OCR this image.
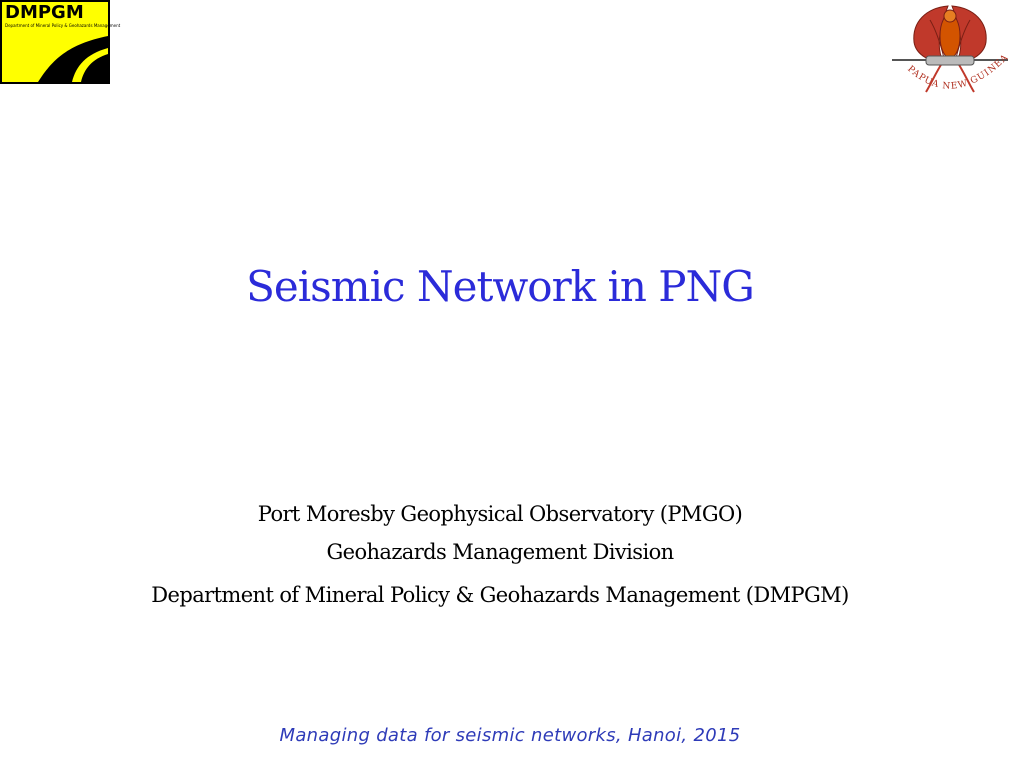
DMPGM
Department of Mineral Policy & Geohazards Management
PAPUA NEW GUINEA
Seismic Network in PNG
Port Moresby Geophysical Observatory (PMGO)
Geohazards Management Division
Department of Mineral Policy & Geohazards Management (DMPGM)
Managing data for seismic networks, Hanoi, 2015
